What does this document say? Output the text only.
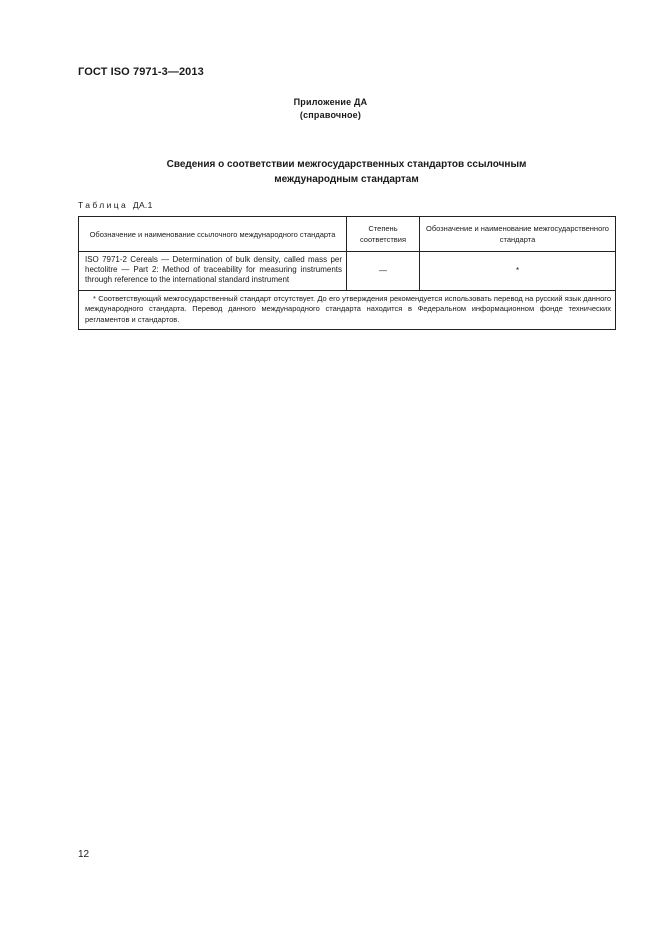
ГОСТ ISO 7971-3—2013
Приложение ДА
(справочное)
Сведения о соответствии межгосударственных стандартов ссылочным
международным стандартам
Таблица ДА.1
Обозначение и наименование ссылочного международного стандарта	Степень соответствия	Обозначение и наименование межгосударственного стандарта
ISO 7971-2 Cereals — Determination of bulk density, called mass per hectolitre — Part 2: Method of traceability for measuring instruments through reference to the international standard instrument	—	*
* Соответствующий межгосударственный стандарт отсутствует. До его утверждения рекомендуется использовать перевод на русский язык данного международного стандарта. Перевод данного международного стандарта находится в Федеральном информационном фонде технических регламентов и стандартов.		
12
